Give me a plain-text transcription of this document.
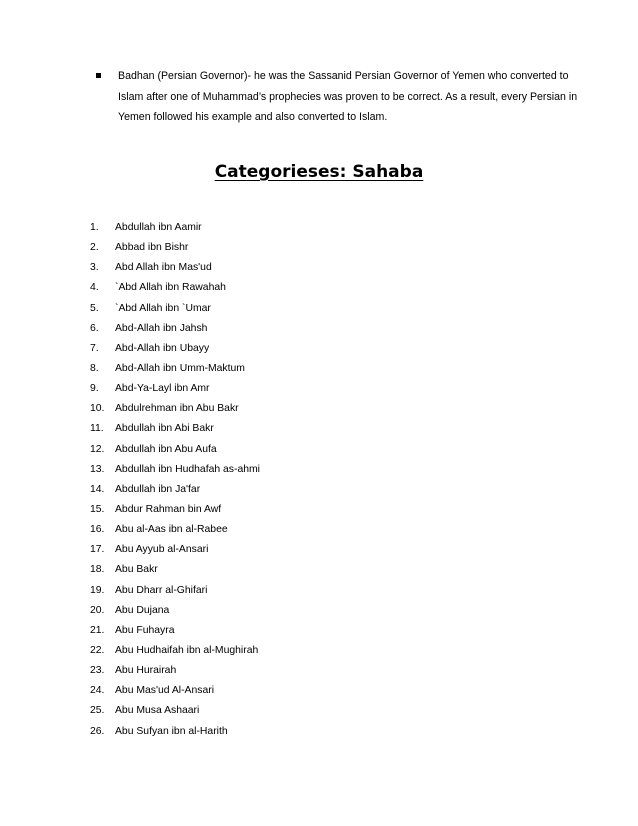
Badhan (Persian Governor)- he was the Sassanid Persian Governor of Yemen who converted to Islam after one of Muhammad’s prophecies was proven to be correct. As a result, every Persian in Yemen followed his example and also converted to Islam.
Categorieses: Sahaba
1.	Abdullah ibn Aamir
2.	Abbad ibn Bishr
3.	Abd Allah ibn Mas'ud
4.	`Abd Allah ibn Rawahah
5.	`Abd Allah ibn `Umar
6.	Abd-Allah ibn Jahsh
7.	Abd-Allah ibn Ubayy
8.	Abd-Allah ibn Umm-Maktum
9.	Abd-Ya-Layl ibn Amr
10.	Abdulrehman ibn Abu Bakr
11.	Abdullah ibn Abi Bakr
12.	Abdullah ibn Abu Aufa
13.	Abdullah ibn Hudhafah as-ahmi
14.	Abdullah ibn Ja'far
15.	Abdur Rahman bin Awf
16.	Abu al-Aas ibn al-Rabee
17.	Abu Ayyub al-Ansari
18.	Abu Bakr
19.	Abu Dharr al-Ghifari
20.	Abu Dujana
21.	Abu Fuhayra
22.	Abu Hudhaifah ibn al-Mughirah
23.	Abu Hurairah
24.	Abu Mas'ud Al-Ansari
25.	Abu Musa Ashaari
26.	Abu Sufyan ibn al-Harith
